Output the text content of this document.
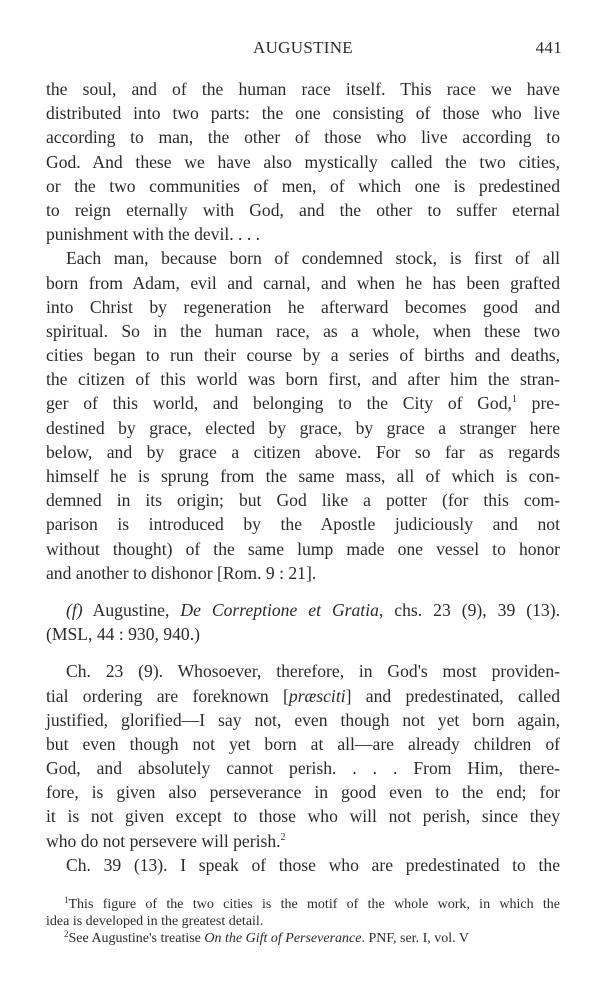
AUGUSTINE	441

the soul, and of the human race itself. This race we have
distributed into two parts: the one consisting of those who live
according to man, the other of those who live according to
God. And these we have also mystically called the two cities,
or the two communities of men, of which one is predestined
to reign eternally with God, and the other to suffer eternal
punishment with the devil. . . .

Each man, because born of condemned stock, is first of all
born from Adam, evil and carnal, and when he has been grafted
into Christ by regeneration he afterward becomes good and
spiritual. So in the human race, as a whole, when these two
cities began to run their course by a series of births and deaths,
the citizen of this world was born first, and after him the stran-
ger of this world, and belonging to the City of God,$^1$ pre-
destined by grace, elected by grace, by grace a stranger here
below, and by grace a citizen above. For so far as regards
himself he is sprung from the same mass, all of which is con-
demned in its origin; but God like a potter (for this com-
parison is introduced by the Apostle judiciously and not
without thought) of the same lump made one vessel to honor
and another to dishonor [Rom. 9 : 21].

(f) Augustine, De Correptione et Gratia, chs. 23 (9), 39 (13).
(MSL, 44 : 930, 940.)

Ch. 23 (9). Whosoever, therefore, in God's most providen-
tial ordering are foreknown [præsciti] and predestinated, called
justified, glorified—I say not, even though not yet born again,
but even though not yet born at all—are already children of
God, and absolutely cannot perish. . . . From Him, there-
fore, is given also perseverance in good even to the end; for
it is not given except to those who will not perish, since they
who do not persevere will perish.$^2$

Ch. 39 (13). I speak of those who are predestinated to the

$^1$This figure of the two cities is the motif of the whole work, in which the
idea is developed in the greatest detail.
$^2$See Augustine's treatise On the Gift of Perseverance. PNF, ser. I, vol. V
